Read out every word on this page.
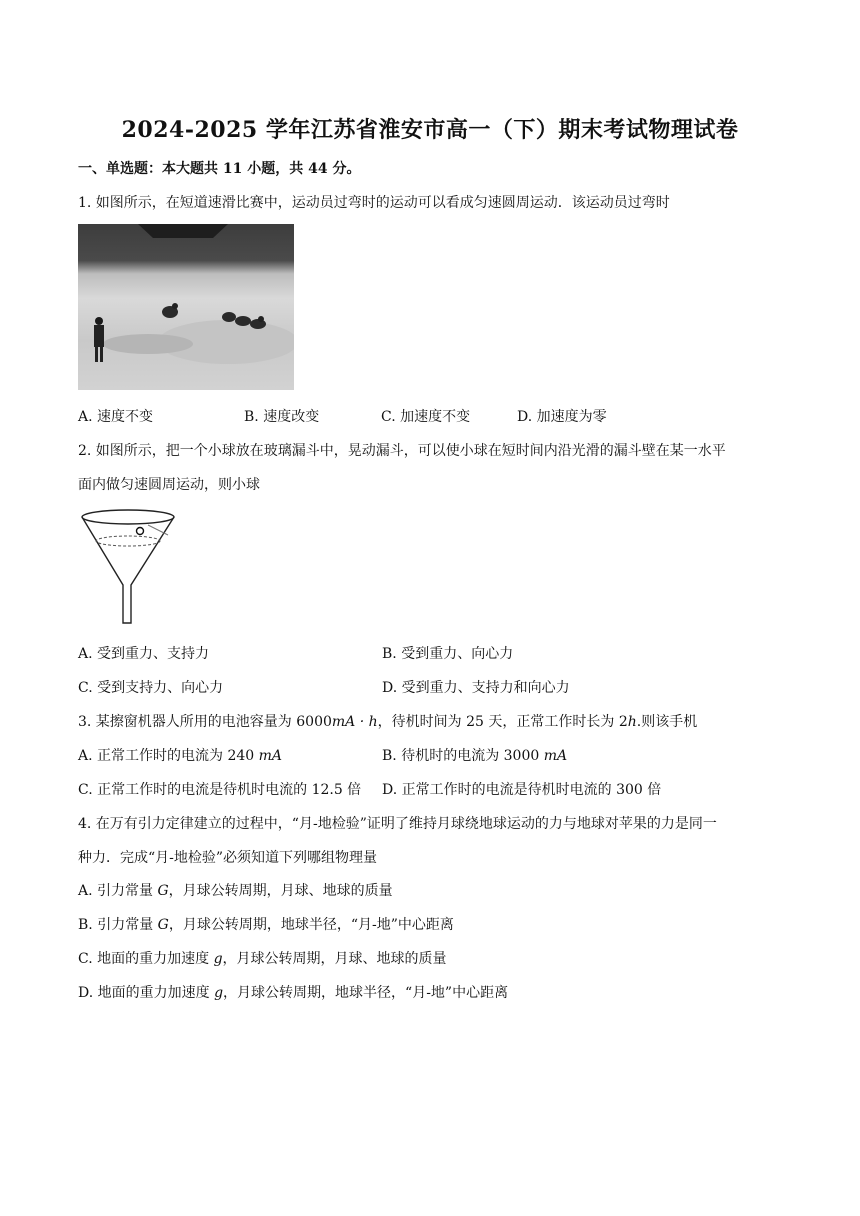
2024-2025 学年江苏省淮安市高一（下）期末考试物理试卷
一、单选题：本大题共 11 小题，共 44 分。
1. 如图所示，在短道速滑比赛中，运动员过弯时的运动可以看成匀速圆周运动．该运动员过弯时
A. 速度不变	B. 速度改变	C. 加速度不变	D. 加速度为零
2. 如图所示，把一个小球放在玻璃漏斗中，晃动漏斗，可以使小球在短时间内沿光滑的漏斗壁在某一水平
面内做匀速圆周运动，则小球
A. 受到重力、支持力	B. 受到重力、向心力
C. 受到支持力、向心力	D. 受到重力、支持力和向心力
3. 某擦窗机器人所用的电池容量为 6000mA · h，待机时间为 25 天，正常工作时长为 2h.则该手机
A. 正常工作时的电流为 240 mA	B. 待机时的电流为 3000 mA
C. 正常工作时的电流是待机时电流的 12.5 倍 D. 正常工作时的电流是待机时电流的 300 倍
4. 在万有引力定律建立的过程中，“月-地检验”证明了维持月球绕地球运动的力与地球对苹果的力是同一
种力．完成“月-地检验”必须知道下列哪组物理量
A. 引力常量 G，月球公转周期，月球、地球的质量
B. 引力常量 G，月球公转周期，地球半径，“月-地”中心距离
C. 地面的重力加速度 g，月球公转周期，月球、地球的质量
D. 地面的重力加速度 g，月球公转周期，地球半径，“月-地”中心距离
